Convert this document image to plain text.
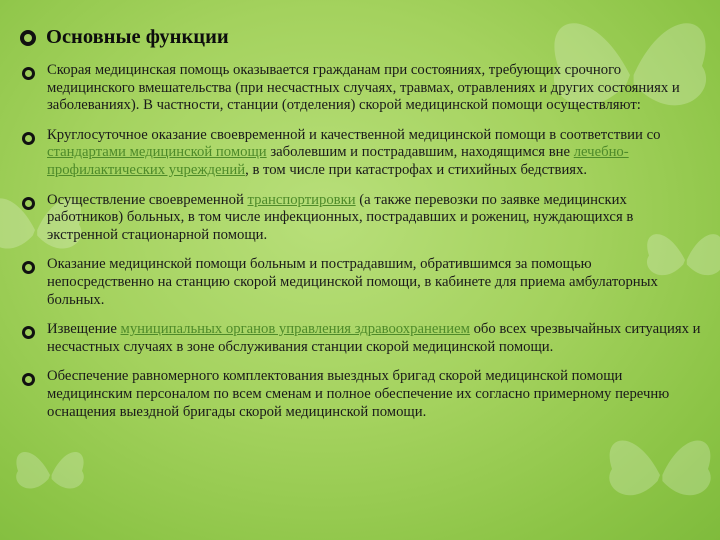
Основные функции
Скорая медицинская помощь оказывается гражданам при состояниях, требующих срочного медицинского вмешательства (при несчастных случаях, травмах, отравлениях и других состояниях и заболеваниях). В частности, станции (отделения) скорой медицинской помощи осуществляют:
Круглосуточное оказание своевременной и качественной медицинской помощи в соответствии со стандартами медицинской помощи заболевшим и пострадавшим, находящимся вне лечебно-профилактических учреждений, в том числе при катастрофах и стихийных бедствиях.
Осуществление своевременной транспортировки (а также перевозки по заявке медицинских работников) больных, в том числе инфекционных, пострадавших и рожениц, нуждающихся в экстренной стационарной помощи.
Оказание медицинской помощи больным и пострадавшим, обратившимся за помощью непосредственно на станцию скорой медицинской помощи, в кабинете для приема амбулаторных больных.
Извещение муниципальных органов управления здравоохранением обо всех чрезвычайных ситуациях и несчастных случаях в зоне обслуживания станции скорой медицинской помощи.
Обеспечение равномерного комплектования выездных бригад скорой медицинской помощи медицинским персоналом по всем сменам и полное обеспечение их согласно примерному перечню оснащения выездной бригады скорой медицинской помощи.
